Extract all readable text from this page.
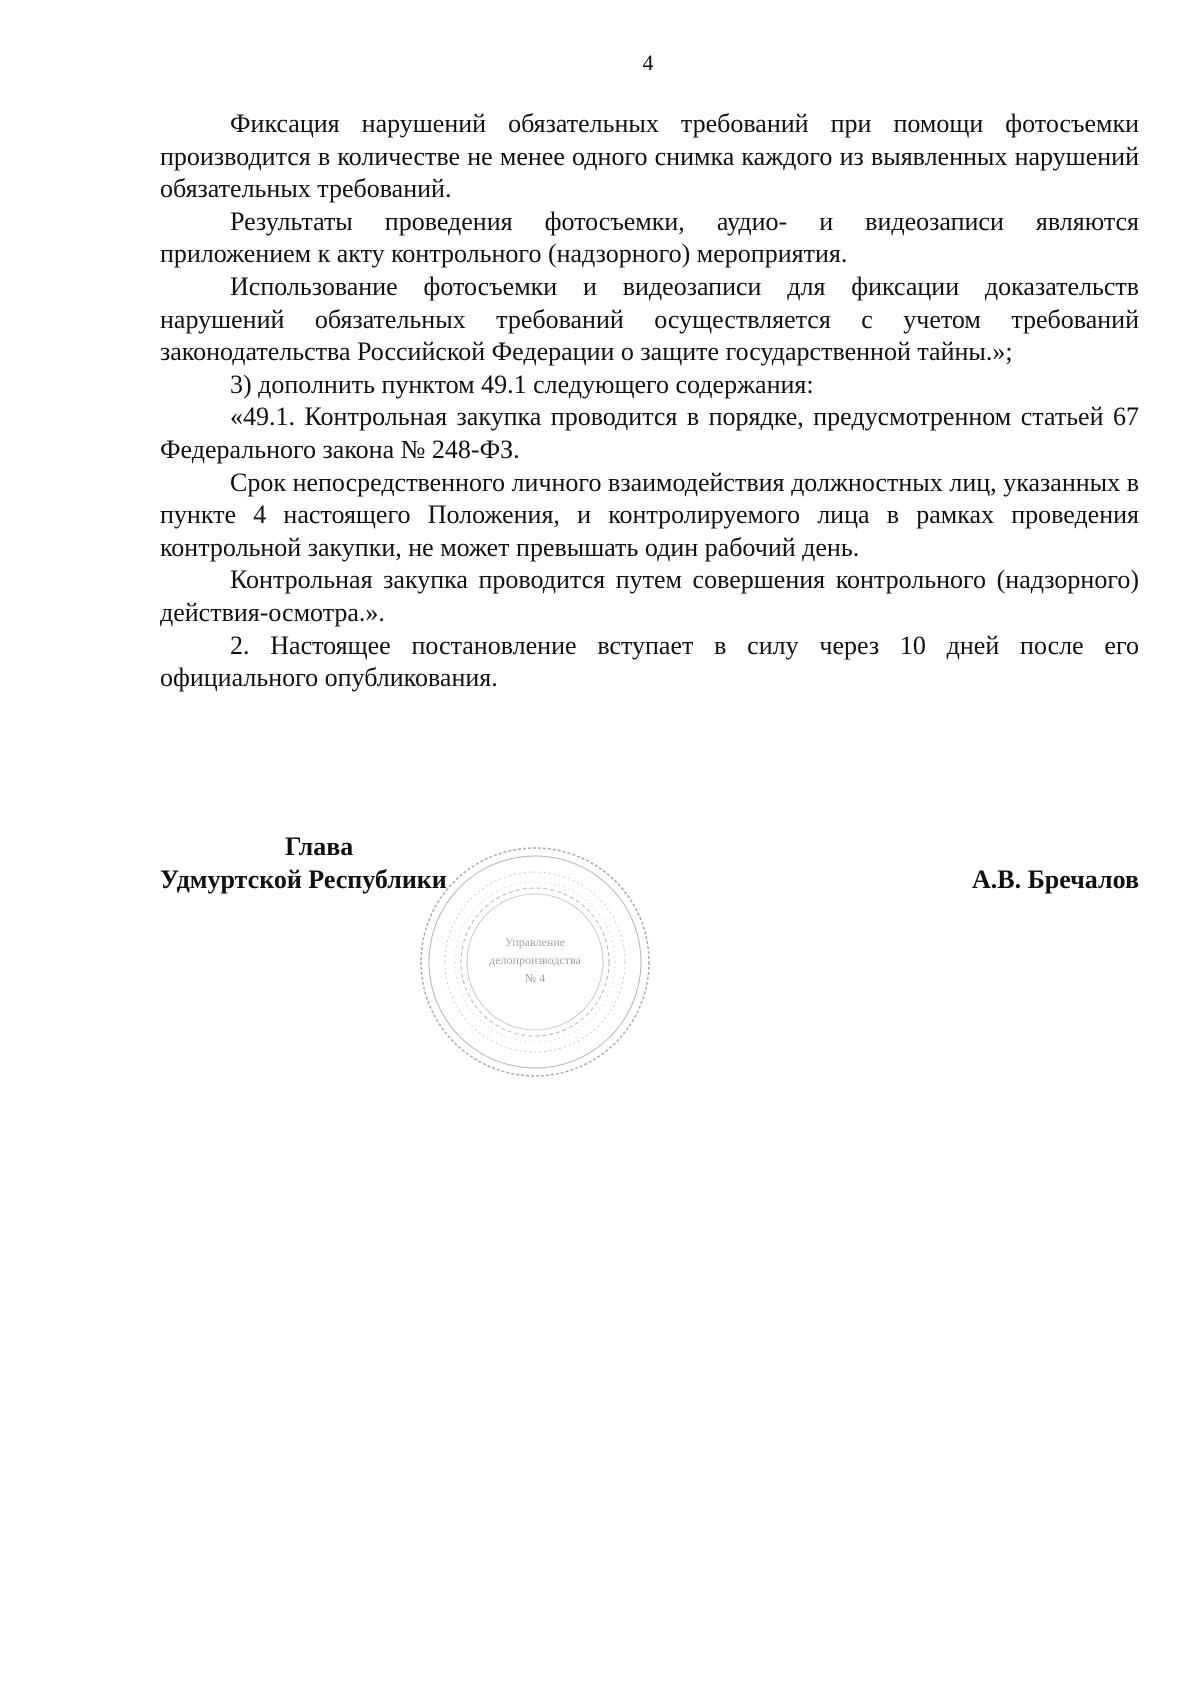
4

Фиксация нарушений обязательных требований при помощи фотосъемки производится в количестве не менее одного снимка каждого из выявленных нарушений обязательных требований.

Результаты проведения фотосъемки, аудио- и видеозаписи являются приложением к акту контрольного (надзорного) мероприятия.

Использование фотосъемки и видеозаписи для фиксации доказательств нарушений обязательных требований осуществляется с учетом требований законодательства Российской Федерации о защите государственной тайны.»;

3) дополнить пунктом 49.1 следующего содержания:

«49.1. Контрольная закупка проводится в порядке, предусмотренном статьей 67 Федерального закона № 248-ФЗ.

Срок непосредственного личного взаимодействия должностных лиц, указанных в пункте 4 настоящего Положения, и контролируемого лица в рамках проведения контрольной закупки, не может превышать один рабочий день.

Контрольная закупка проводится путем совершения контрольного (надзорного) действия-осмотра.».

2. Настоящее постановление вступает в силу через 10 дней после его официального опубликования.

Глава
Удмуртской Республики	А.В. Бречалов
Управление
делопроизводства
№ 4
